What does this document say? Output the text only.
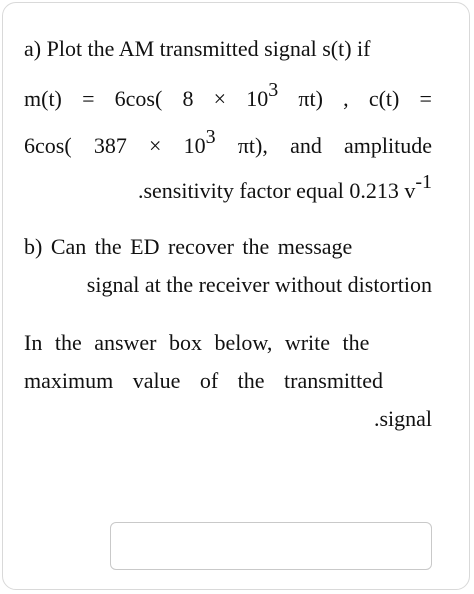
a) Plot the AM transmitted signal s(t) if
m(t) = 6cos( $8 \times 10^3$ πt) , c(t) =
6cos( $387 \times 10^3$ πt), and amplitude
.sensitivity factor equal 0.213 $v^{-1}$
b) Can the ED recover the message
signal at the receiver without distortion
In the answer box below, write the
maximum value of the transmitted
.signal
